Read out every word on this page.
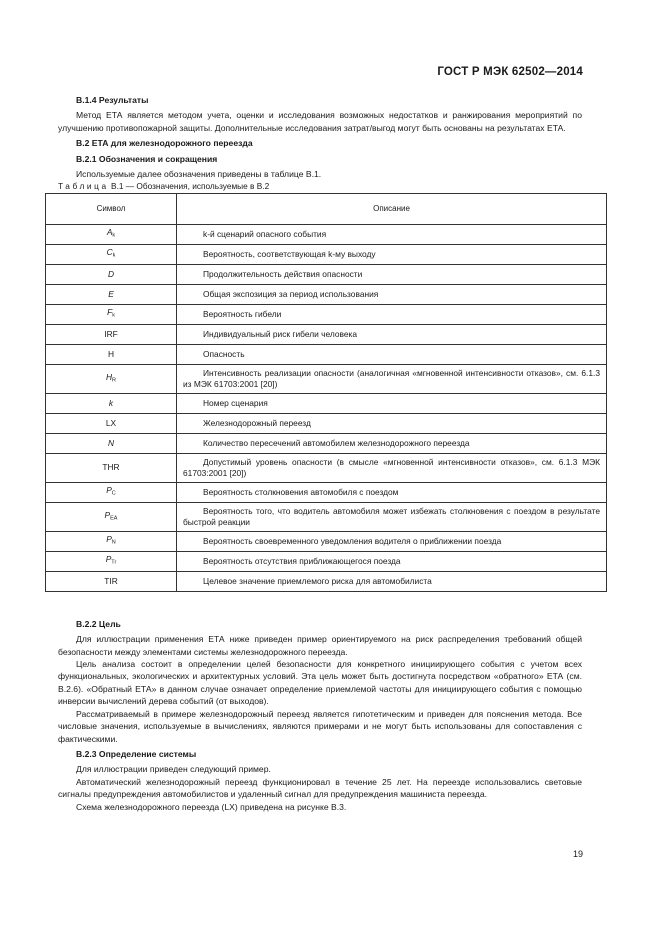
ГОСТ Р МЭК 62502—2014

В.1.4 Результаты

Метод ЕТА является методом учета, оценки и исследования возможных недостатков и ранжирования мероприятий по улучшению противопожарной защиты. Дополнительные исследования затрат/выгод могут быть основаны на результатах ЕТА.

В.2 ЕТА для железнодорожного переезда

В.2.1 Обозначения и сокращения

Используемые далее обозначения приведены в таблице В.1.

Таблица В.1 — Обозначения, используемые в В.2

Символ	Описание
$A_k$	k-й сценарий опасного события
$C_k$	Вероятность, соответствующая k-му выходу
D	Продолжительность действия опасности
E	Общая экспозиция за период использования
$F_k$	Вероятность гибели
IRF	Индивидуальный риск гибели человека
H	Опасность
$H_R$	Интенсивность реализации опасности (аналогичная «мгновенной интенсивности отказов», см. 6.1.3 из МЭК 61703:2001 [20])
k	Номер сценария
LX	Железнодорожный переезд
N	Количество пересечений автомобилем железнодорожного переезда
THR	Допустимый уровень опасности (в смысле «мгновенной интенсивности отказов», см. 6.1.3 МЭК 61703:2001 [20])
$P_C$	Вероятность столкновения автомобиля с поездом
$P_{EA}$	Вероятность того, что водитель автомобиля может избежать столкновения с поездом в результате быстрой реакции
$P_N$	Вероятность своевременного уведомления водителя о приближении поезда
$P_{Tr}$	Вероятность отсутствия приближающегося поезда
TIR	Целевое значение приемлемого риска для автомобилиста

В.2.2 Цель

Для иллюстрации применения ЕТА ниже приведен пример ориентируемого на риск распределения требований общей безопасности между элементами системы железнодорожного переезда.

Цель анализа состоит в определении целей безопасности для конкретного инициирующего события с учетом всех функциональных, экологических и архитектурных условий. Эта цель может быть достигнута посредством «обратного» ЕТА (см. В.2.6). «Обратный ЕТА» в данном случае означает определение приемлемой частоты для инициирующего события с помощью инверсии вычислений дерева событий (от выходов).

Рассматриваемый в примере железнодорожный переезд является гипотетическим и приведен для пояснения метода. Все числовые значения, используемые в вычислениях, являются примерами и не могут быть использованы для сопоставления с фактическими.

В.2.3 Определение системы

Для иллюстрации приведен следующий пример.

Автоматический железнодорожный переезд функционировал в течение 25 лет. На переезде использовались световые сигналы предупреждения автомобилистов и удаленный сигнал для предупреждения машиниста переезда.

Схема железнодорожного переезда (LX) приведена на рисунке В.3.

19
